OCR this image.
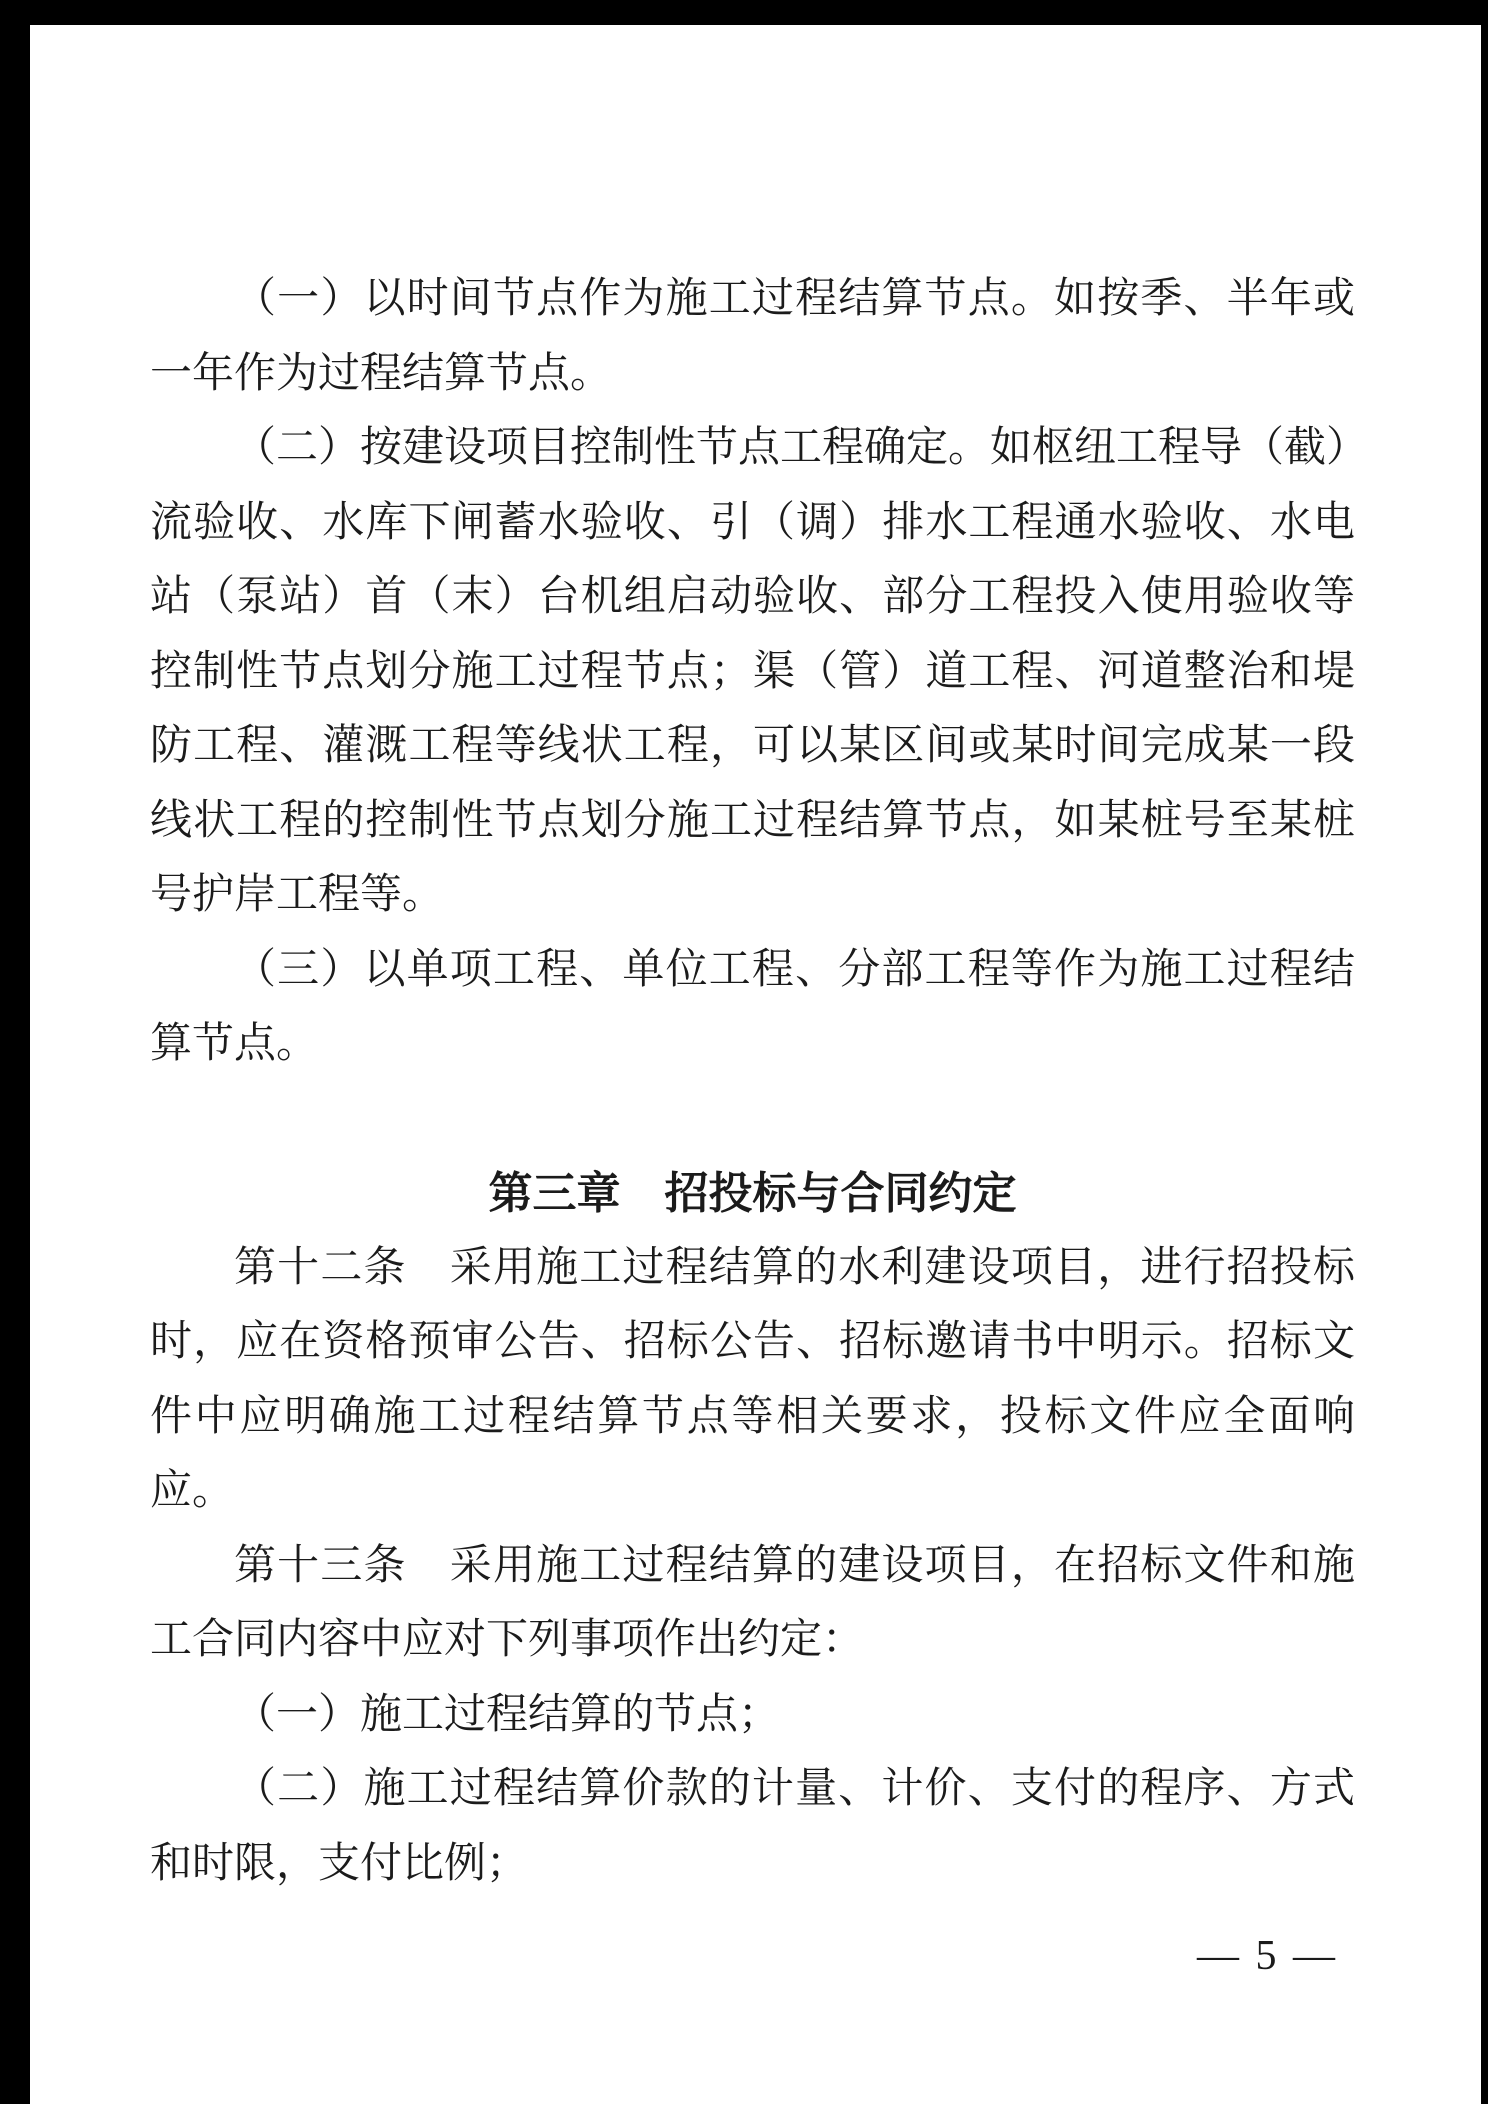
（一）以时间节点作为施工过程结算节点。如按季、半年或
一年作为过程结算节点。
（二）按建设项目控制性节点工程确定。如枢纽工程导（截）
流验收、水库下闸蓄水验收、引（调）排水工程通水验收、水电
站（泵站）首（末）台机组启动验收、部分工程投入使用验收等
控制性节点划分施工过程节点；渠（管）道工程、河道整治和堤
防工程、灌溉工程等线状工程，可以某区间或某时间完成某一段
线状工程的控制性节点划分施工过程结算节点，如某桩号至某桩
号护岸工程等。
（三）以单项工程、单位工程、分部工程等作为施工过程结
算节点。
第三章　招投标与合同约定
第十二条　采用施工过程结算的水利建设项目，进行招投标
时，应在资格预审公告、招标公告、招标邀请书中明示。招标文
件中应明确施工过程结算节点等相关要求，投标文件应全面响
应。
第十三条　采用施工过程结算的建设项目，在招标文件和施
工合同内容中应对下列事项作出约定：
（一）施工过程结算的节点；
（二）施工过程结算价款的计量、计价、支付的程序、方式
和时限，支付比例；
— 5 —
